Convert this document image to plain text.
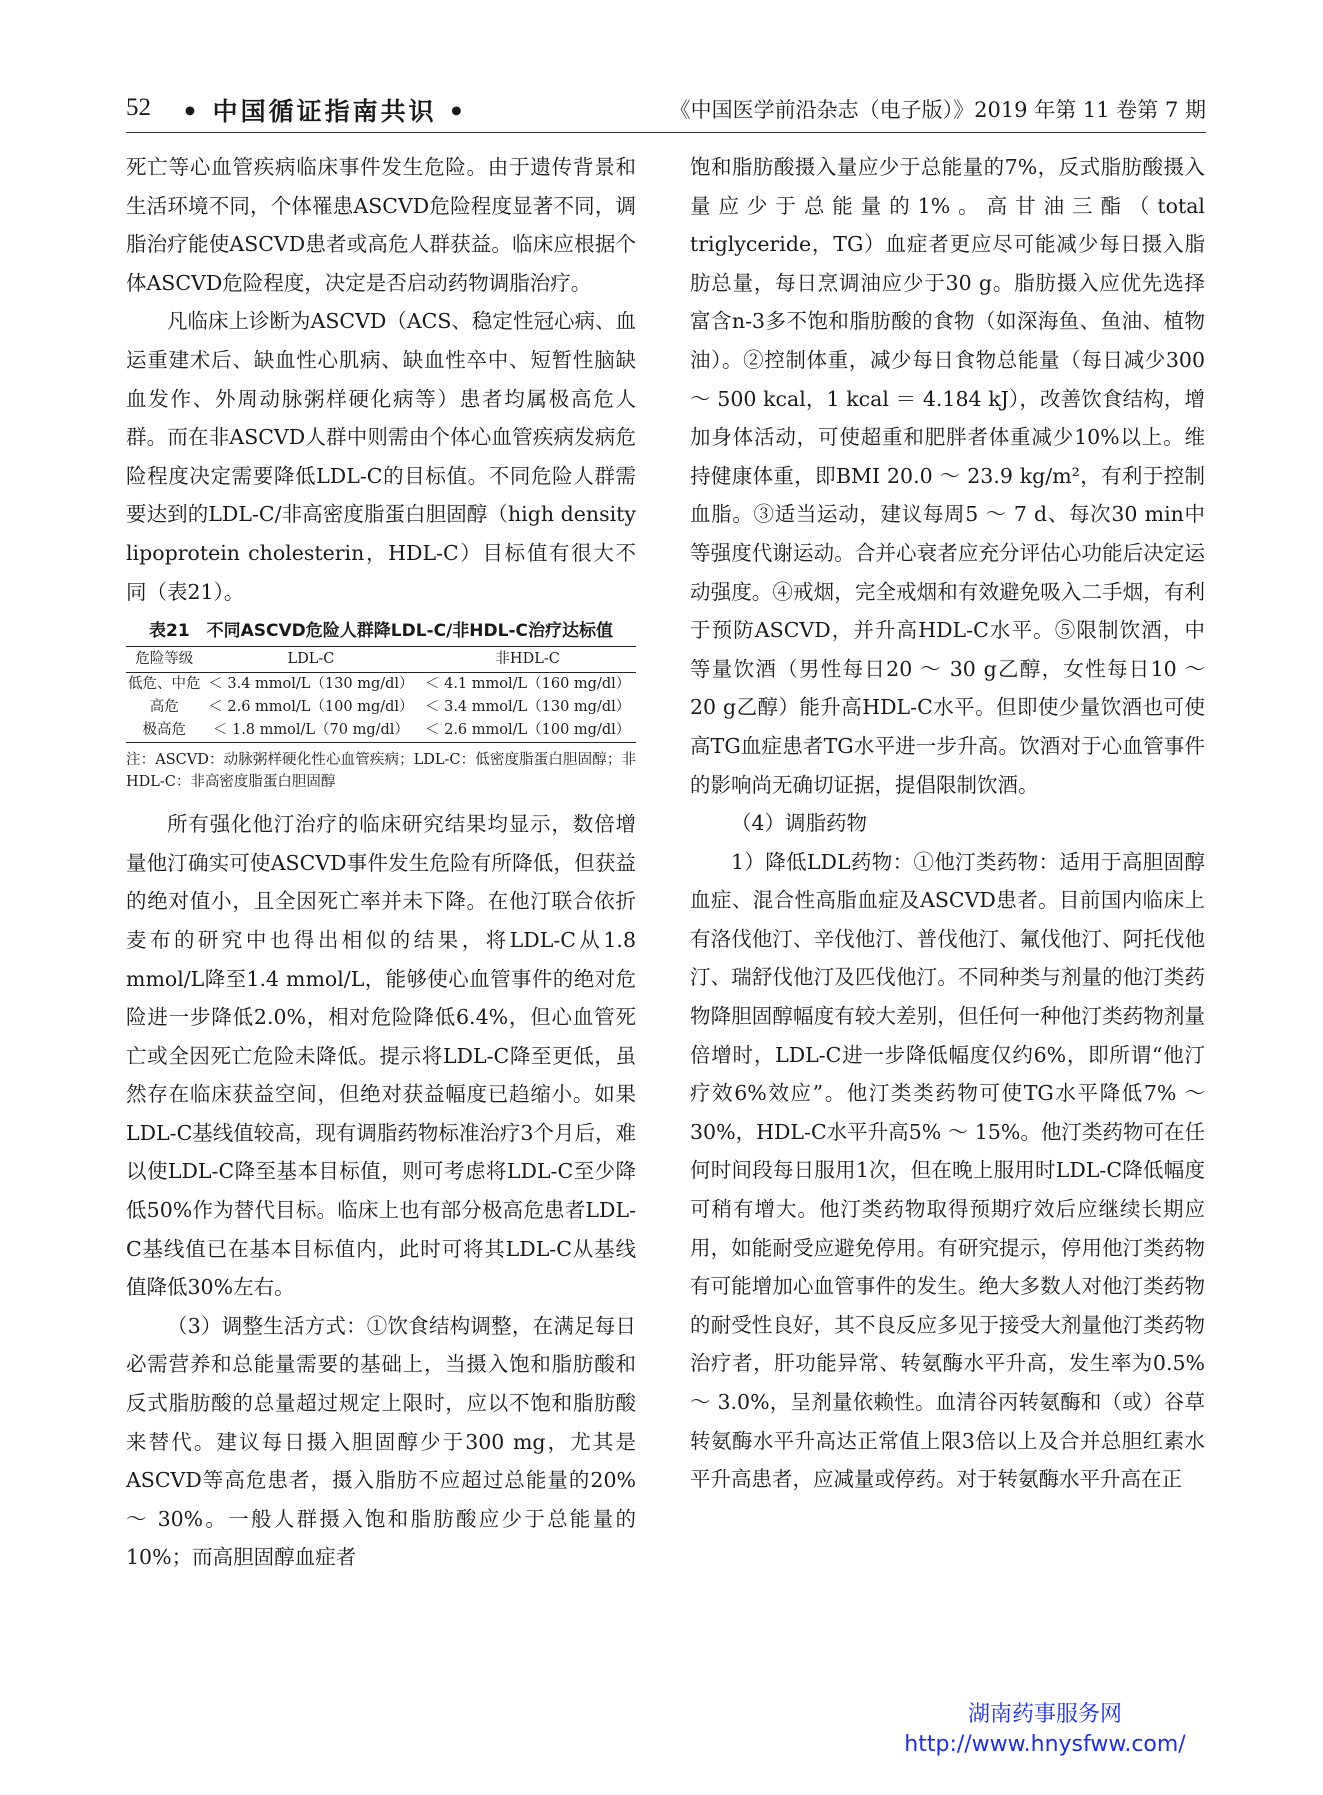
52 • 中国循证指南共识 •	《中国医学前沿杂志（电子版）》2019 年第 11 卷第 7 期

死亡等心血管疾病临床事件发生危险。由于遗传背景和生活环境不同，个体罹患ASCVD危险程度显著不同，调脂治疗能使ASCVD患者或高危人群获益。临床应根据个体ASCVD危险程度，决定是否启动药物调脂治疗。

凡临床上诊断为ASCVD（ACS、稳定性冠心病、血运重建术后、缺血性心肌病、缺血性卒中、短暂性脑缺血发作、外周动脉粥样硬化病等）患者均属极高危人群。而在非ASCVD人群中则需由个体心血管疾病发病危险程度决定需要降低LDL-C的目标值。不同危险人群需要达到的LDL-C/非高密度脂蛋白胆固醇（high density lipoprotein cholesterin，HDL-C）目标值有很大不同（表21）。

表21　不同ASCVD危险人群降LDL-C/非HDL-C治疗达标值
危险等级	LDL-C	非HDL-C
低危、中危	＜ 3.4 mmol/L（130 mg/dl）	＜ 4.1 mmol/L（160 mg/dl）
高危	＜ 2.6 mmol/L（100 mg/dl）	＜ 3.4 mmol/L（130 mg/dl）
极高危	＜ 1.8 mmol/L（70 mg/dl）	＜ 2.6 mmol/L（100 mg/dl）
注：ASCVD：动脉粥样硬化性心血管疾病；LDL-C：低密度脂蛋白胆固醇；非HDL-C：非高密度脂蛋白胆固醇

所有强化他汀治疗的临床研究结果均显示，数倍增量他汀确实可使ASCVD事件发生危险有所降低，但获益的绝对值小，且全因死亡率并未下降。在他汀联合依折麦布的研究中也得出相似的结果，将LDL-C从1.8 mmol/L降至1.4 mmol/L，能够使心血管事件的绝对危险进一步降低2.0%，相对危险降低6.4%，但心血管死亡或全因死亡危险未降低。提示将LDL-C降至更低，虽然存在临床获益空间，但绝对获益幅度已趋缩小。如果LDL-C基线值较高，现有调脂药物标准治疗3个月后，难以使LDL-C降至基本目标值，则可考虑将LDL-C至少降低50%作为替代目标。临床上也有部分极高危患者LDL-C基线值已在基本目标值内，此时可将其LDL-C从基线值降低30%左右。

（3）调整生活方式：①饮食结构调整，在满足每日必需营养和总能量需要的基础上，当摄入饱和脂肪酸和反式脂肪酸的总量超过规定上限时，应以不饱和脂肪酸来替代。建议每日摄入胆固醇少于300 mg，尤其是ASCVD等高危患者，摄入脂肪不应超过总能量的20% ～ 30%。一般人群摄入饱和脂肪酸应少于总能量的10%；而高胆固醇血症者

饱和脂肪酸摄入量应少于总能量的7%，反式脂肪酸摄入量应少于总能量的1%。高甘油三酯（total triglyceride，TG）血症者更应尽可能减少每日摄入脂肪总量，每日烹调油应少于30 g。脂肪摄入应优先选择富含n-3多不饱和脂肪酸的食物（如深海鱼、鱼油、植物油）。②控制体重，减少每日食物总能量（每日减少300 ～ 500 kcal，1 kcal ＝ 4.184 kJ），改善饮食结构，增加身体活动，可使超重和肥胖者体重减少10%以上。维持健康体重，即BMI 20.0 ～ 23.9 kg/m²，有利于控制血脂。③适当运动，建议每周5 ～ 7 d、每次30 min中等强度代谢运动。合并心衰者应充分评估心功能后决定运动强度。④戒烟，完全戒烟和有效避免吸入二手烟，有利于预防ASCVD，并升高HDL-C水平。⑤限制饮酒，中等量饮酒（男性每日20 ～ 30 g乙醇，女性每日10 ～ 20 g乙醇）能升高HDL-C水平。但即使少量饮酒也可使高TG血症患者TG水平进一步升高。饮酒对于心血管事件的影响尚无确切证据，提倡限制饮酒。

（4）调脂药物

1）降低LDL药物：①他汀类药物：适用于高胆固醇血症、混合性高脂血症及ASCVD患者。目前国内临床上有洛伐他汀、辛伐他汀、普伐他汀、氟伐他汀、阿托伐他汀、瑞舒伐他汀及匹伐他汀。不同种类与剂量的他汀类药物降胆固醇幅度有较大差别，但任何一种他汀类药物剂量倍增时，LDL-C进一步降低幅度仅约6%，即所谓“他汀疗效6%效应”。他汀类类药物可使TG水平降低7% ～ 30%，HDL-C水平升高5% ～ 15%。他汀类药物可在任何时间段每日服用1次，但在晚上服用时LDL-C降低幅度可稍有增大。他汀类药物取得预期疗效后应继续长期应用，如能耐受应避免停用。有研究提示，停用他汀类药物有可能增加心血管事件的发生。绝大多数人对他汀类药物的耐受性良好，其不良反应多见于接受大剂量他汀类药物治疗者，肝功能异常、转氨酶水平升高，发生率为0.5% ～ 3.0%，呈剂量依赖性。血清谷丙转氨酶和（或）谷草转氨酶水平升高达正常值上限3倍以上及合并总胆红素水平升高患者，应减量或停药。对于转氨酶水平升高在正

湖南药事服务网
http://www.hnysfww.com/
